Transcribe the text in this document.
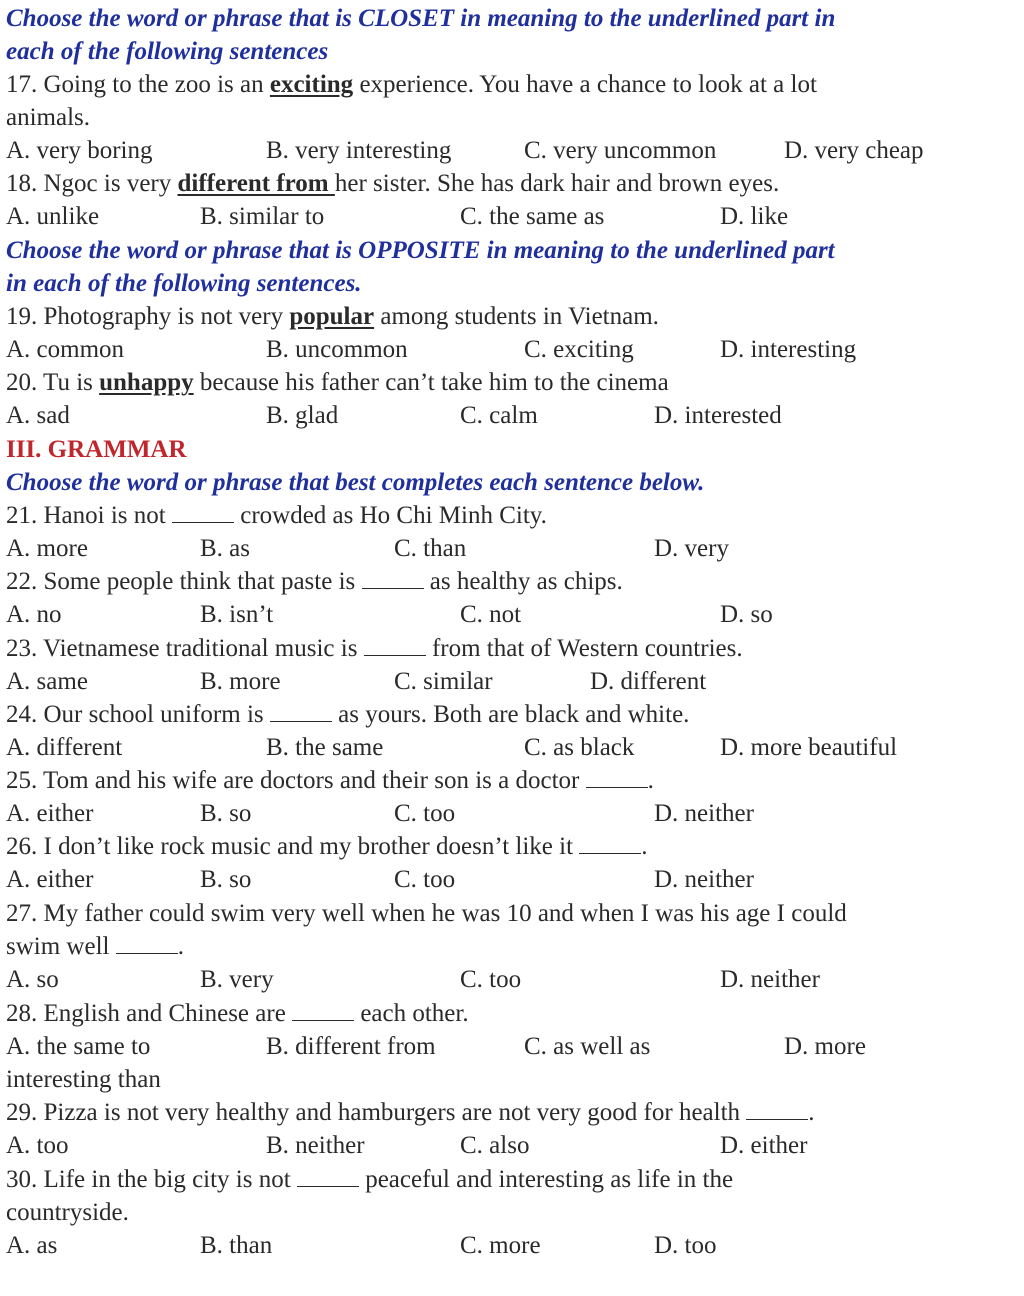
Choose the word or phrase that is CLOSET in meaning to the underlined part in
each of the following sentences
17. Going to the zoo is an exciting experience. You have a chance to look at a lot
animals.
A. very boring	B. very interesting	C. very uncommon	D. very cheap
18. Ngoc is very different from her sister. She has dark hair and brown eyes.
A. unlike	B. similar to	C. the same as	D. like
Choose the word or phrase that is OPPOSITE in meaning to the underlined part
in each of the following sentences.
19. Photography is not very popular among students in Vietnam.
A. common	B. uncommon	C. exciting	D. interesting
20. Tu is unhappy because his father can’t take him to the cinema
A. sad	B. glad	C. calm	D. interested
III. GRAMMAR
Choose the word or phrase that best completes each sentence below.
21. Hanoi is not  crowded as Ho Chi Minh City.
A. more	B. as	C. than	D. very
22. Some people think that paste is  as healthy as chips.
A. no	B. isn’t	C. not	D. so
23. Vietnamese traditional music is  from that of Western countries.
A. same	B. more	C. similar	D. different
24. Our school uniform is  as yours. Both are black and white.
A. different	B. the same	C. as black	D. more beautiful
25. Tom and his wife are doctors and their son is a doctor .
A. either	B. so	C. too	D. neither
26. I don’t like rock music and my brother doesn’t like it .
A. either	B. so	C. too	D. neither
27. My father could swim very well when he was 10 and when I was his age I could
swim well .
A. so	B. very	C. too	D. neither
28. English and Chinese are  each other.
A. the same to	B. different from	C. as well as	D. more
interesting than
29. Pizza is not very healthy and hamburgers are not very good for health .
A. too	B. neither	C. also	D. either
30. Life in the big city is not  peaceful and interesting as life in the
countryside.
A. as	B. than	C. more	D. too
